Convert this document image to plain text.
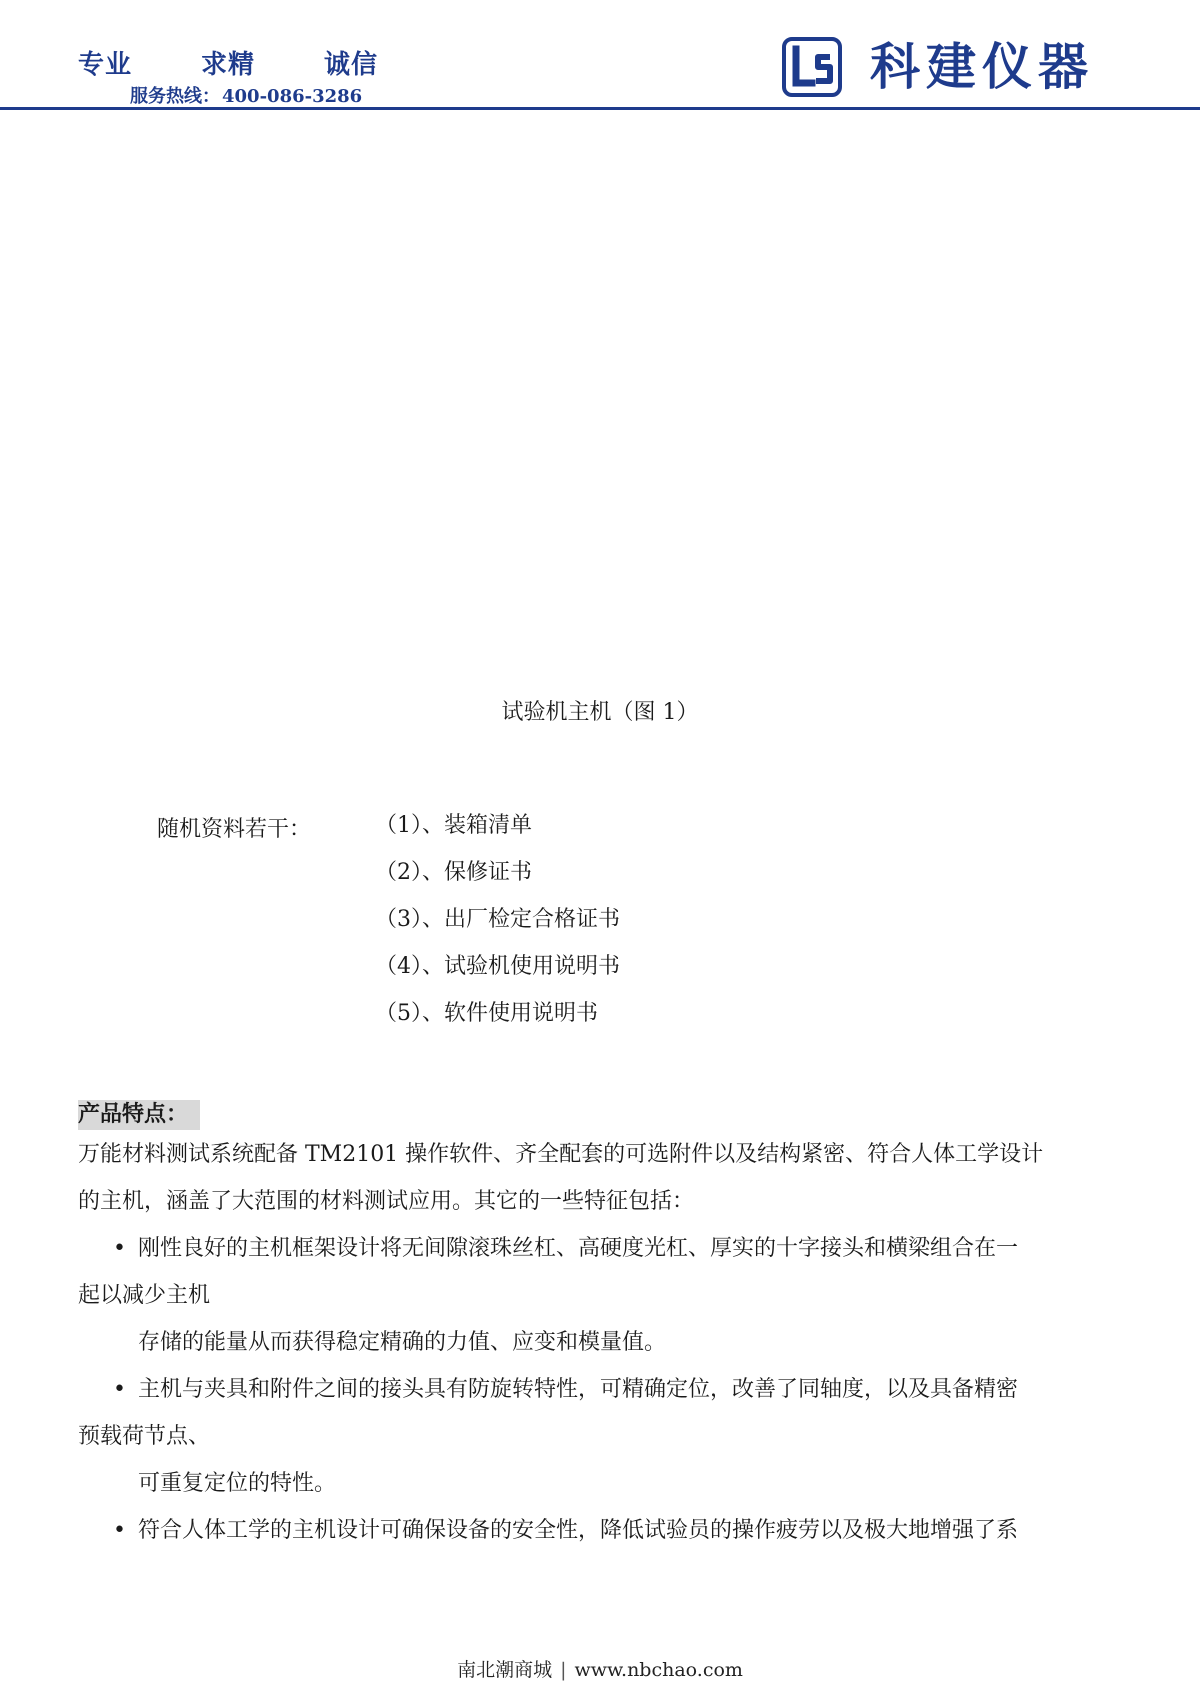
专业	求精	诚信
服务热线： 400-086-3286
科建仪器
试验机主机（图 1）
随机资料若干：	（1）、装箱清单
（2）、保修证书
（3）、出厂检定合格证书
（4）、试验机使用说明书
（5）、软件使用说明书
产品特点：
万能材料测试系统配备 TM2101 操作软件、齐全配套的可选附件以及结构紧密、符合人体工学设计
的主机，涵盖了大范围的材料测试应用。其它的一些特征包括：
• 刚性良好的主机框架设计将无间隙滚珠丝杠、高硬度光杠、厚实的十字接头和横梁组合在一
起以减少主机
存储的能量从而获得稳定精确的力值、应变和模量值。
• 主机与夹具和附件之间的接头具有防旋转特性，可精确定位，改善了同轴度，以及具备精密
预载荷节点、
可重复定位的特性。
• 符合人体工学的主机设计可确保设备的安全性，降低试验员的操作疲劳以及极大地增强了系
南北潮商城 | www.nbchao.com
